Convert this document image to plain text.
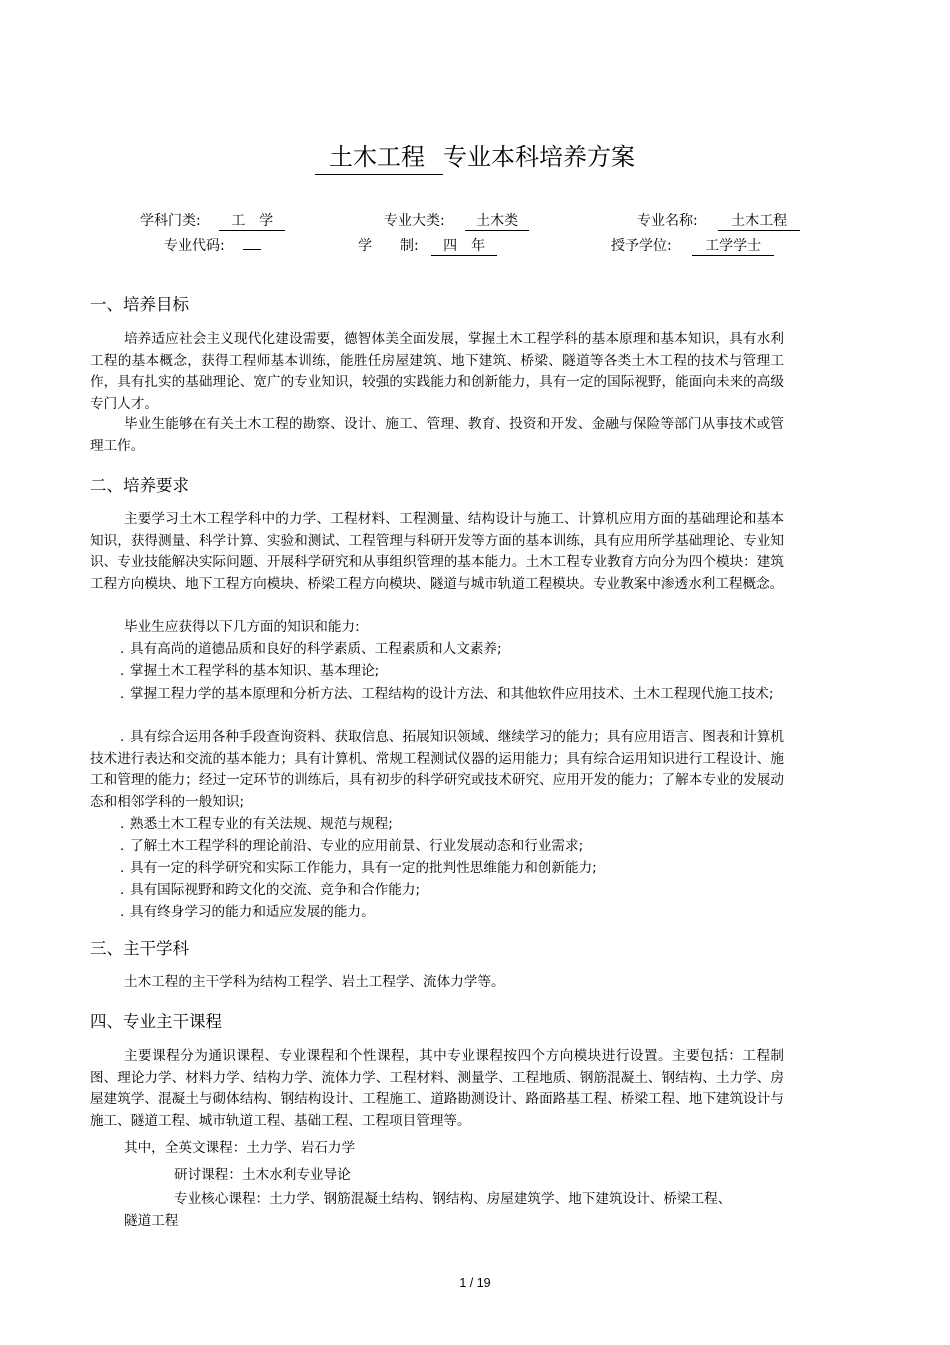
土木工程 专业本科培养方案
学科门类: 工　学	专业大类: 土木类	专业名称: 土木工程
专业代码:	学　　制: 四　年	授予学位: 工学学士
一、培养目标

培养适应社会主义现代化建设需要，德智体美全面发展，掌握土木工程学科的基本原理和基本知识，具有水利工程的基本概念，获得工程师基本训练，能胜任房屋建筑、地下建筑、桥梁、隧道等各类土木工程的技术与管理工作，具有扎实的基础理论、宽广的专业知识，较强的实践能力和创新能力，具有一定的国际视野，能面向未来的高级专门人才。

毕业生能够在有关土木工程的勘察、设计、施工、管理、教育、投资和开发、金融与保险等部门从事技术或管理工作。

二、培养要求

主要学习土木工程学科中的力学、工程材料、工程测量、结构设计与施工、计算机应用方面的基础理论和基本知识，获得测量、科学计算、实验和测试、工程管理与科研开发等方面的基本训练，具有应用所学基础理论、专业知识、专业技能解决实际问题、开展科学研究和从事组织管理的基本能力。土木工程专业教育方向分为四个模块：建筑工程方向模块、地下工程方向模块、桥梁工程方向模块、隧道与城市轨道工程模块。专业教案中渗透水利工程概念。

毕业生应获得以下几方面的知识和能力:

. 具有高尚的道德品质和良好的科学素质、工程素质和人文素养;
. 掌握土木工程学科的基本知识、基本理论;
. 掌握工程力学的基本原理和分析方法、工程结构的设计方法、和其他软件应用技术、土木工程现代施工技术;
. 具有综合运用各种手段查询资料、获取信息、拓展知识领域、继续学习的能力；具有应用语言、图表和计算机技术进行表达和交流的基本能力；具有计算机、常规工程测试仪器的运用能力；具有综合运用知识进行工程设计、施工和管理的能力；经过一定环节的训练后，具有初步的科学研究或技术研究、应用开发的能力；了解本专业的发展动态和相邻学科的一般知识;
. 熟悉土木工程专业的有关法规、规范与规程;
. 了解土木工程学科的理论前沿、专业的应用前景、行业发展动态和行业需求;
. 具有一定的科学研究和实际工作能力，具有一定的批判性思维能力和创新能力;
. 具有国际视野和跨文化的交流、竞争和合作能力;
. 具有终身学习的能力和适应发展的能力。
三、主干学科

土木工程的主干学科为结构工程学、岩土工程学、流体力学等。

四、专业主干课程

主要课程分为通识课程、专业课程和个性课程，其中专业课程按四个方向模块进行设置。主要包括：工程制图、理论力学、材料力学、结构力学、流体力学、工程材料、测量学、工程地质、钢筋混凝土、钢结构、土力学、房屋建筑学、混凝土与砌体结构、钢结构设计、工程施工、道路勘测设计、路面路基工程、桥梁工程、地下建筑设计与施工、隧道工程、城市轨道工程、基础工程、工程项目管理等。

其中，全英文课程：土力学、岩石力学

研讨课程：土木水利专业导论

专业核心课程：土力学、钢筋混凝土结构、钢结构、房屋建筑学、地下建筑设计、桥梁工程、

隧道工程

1 / 19
